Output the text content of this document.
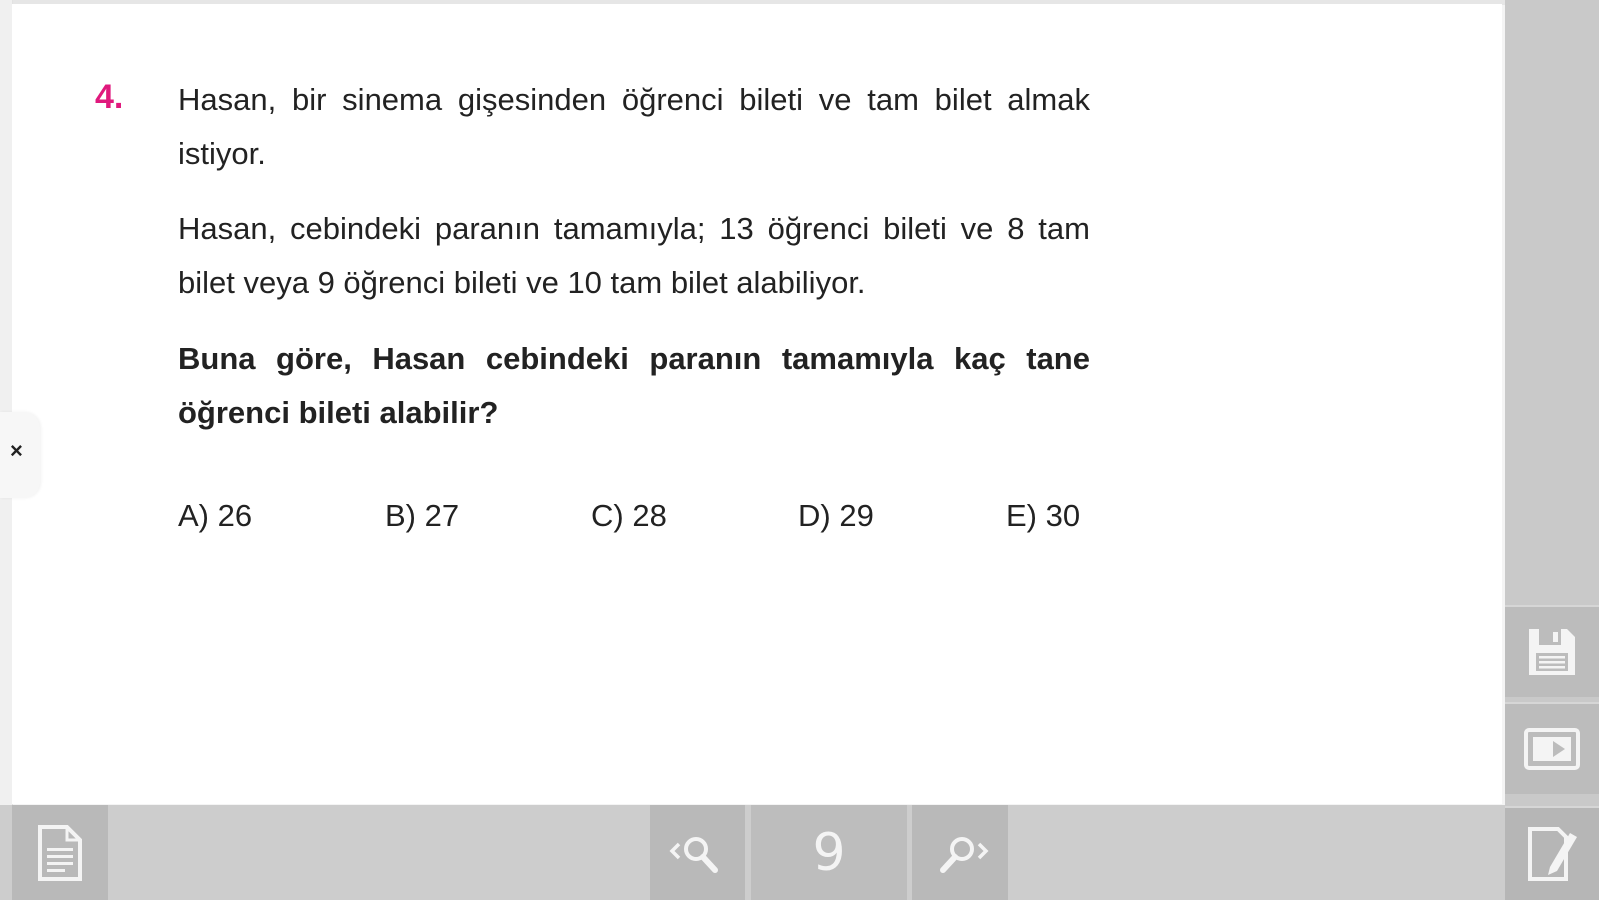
×
4. Hasan, bir sinema gişesinden öğrenci bileti ve tam bilet almak istiyor.

Hasan, cebindeki paranın tamamıyla; 13 öğrenci bileti ve 8 tam bilet veya 9 öğrenci bileti ve 10 tam bilet alabiliyor.

Buna göre, Hasan cebindeki paranın tamamıyla kaç tane öğrenci bileti alabilir?

A) 26	B) 27	C) 28	D) 29	E) 30
9
